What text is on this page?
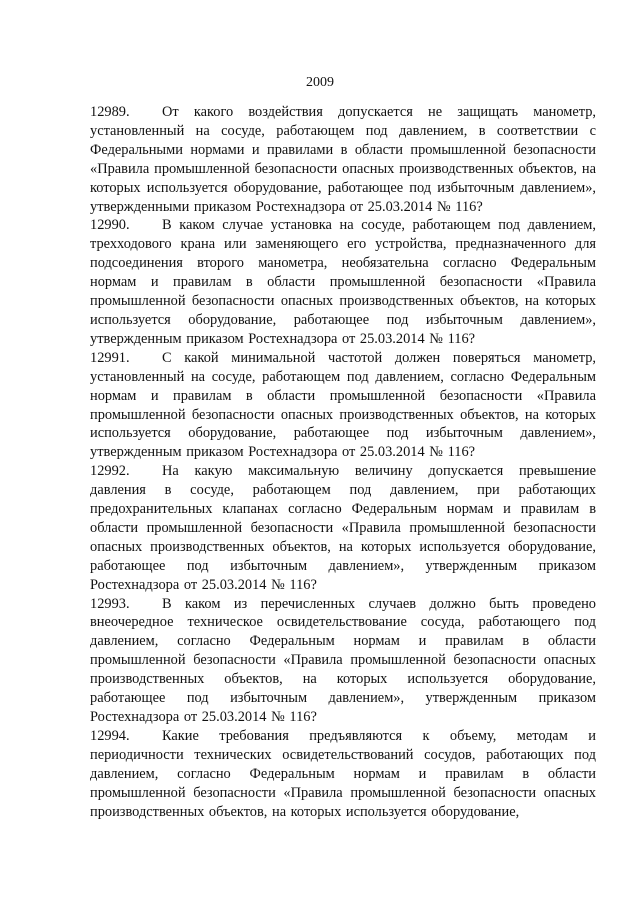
2009

12989. От какого воздействия допускается не защищать манометр, установленный на сосуде, работающем под давлением, в соответствии с Федеральными нормами и правилами в области промышленной безопасности «Правила промышленной безопасности опасных производственных объектов, на которых используется оборудование, работающее под избыточным давлением», утвержденными приказом Ростехнадзора от 25.03.2014 № 116?

12990. В каком случае установка на сосуде, работающем под давлением, трехходового крана или заменяющего его устройства, предназначенного для подсоединения второго манометра, необязательна согласно Федеральным нормам и правилам в области промышленной безопасности «Правила промышленной безопасности опасных производственных объектов, на которых используется оборудование, работающее под избыточным давлением», утвержденным приказом Ростехнадзора от 25.03.2014 № 116?

12991. С какой минимальной частотой должен поверяться манометр, установленный на сосуде, работающем под давлением, согласно Федеральным нормам и правилам в области промышленной безопасности «Правила промышленной безопасности опасных производственных объектов, на которых используется оборудование, работающее под избыточным давлением», утвержденным приказом Ростехнадзора от 25.03.2014 № 116?

12992. На какую максимальную величину допускается превышение давления в сосуде, работающем под давлением, при работающих предохранительных клапанах согласно Федеральным нормам и правилам в области промышленной безопасности «Правила промышленной безопасности опасных производственных объектов, на которых используется оборудование, работающее под избыточным давлением», утвержденным приказом Ростехнадзора от 25.03.2014 № 116?

12993. В каком из перечисленных случаев должно быть проведено внеочередное техническое освидетельствование сосуда, работающего под давлением, согласно Федеральным нормам и правилам в области промышленной безопасности «Правила промышленной безопасности опасных производственных объектов, на которых используется оборудование, работающее под избыточным давлением», утвержденным приказом Ростехнадзора от 25.03.2014 № 116?

12994. Какие требования предъявляются к объему, методам и периодичности технических освидетельствований сосудов, работающих под давлением, согласно Федеральным нормам и правилам в области промышленной безопасности «Правила промышленной безопасности опасных производственных объектов, на которых используется оборудование,
